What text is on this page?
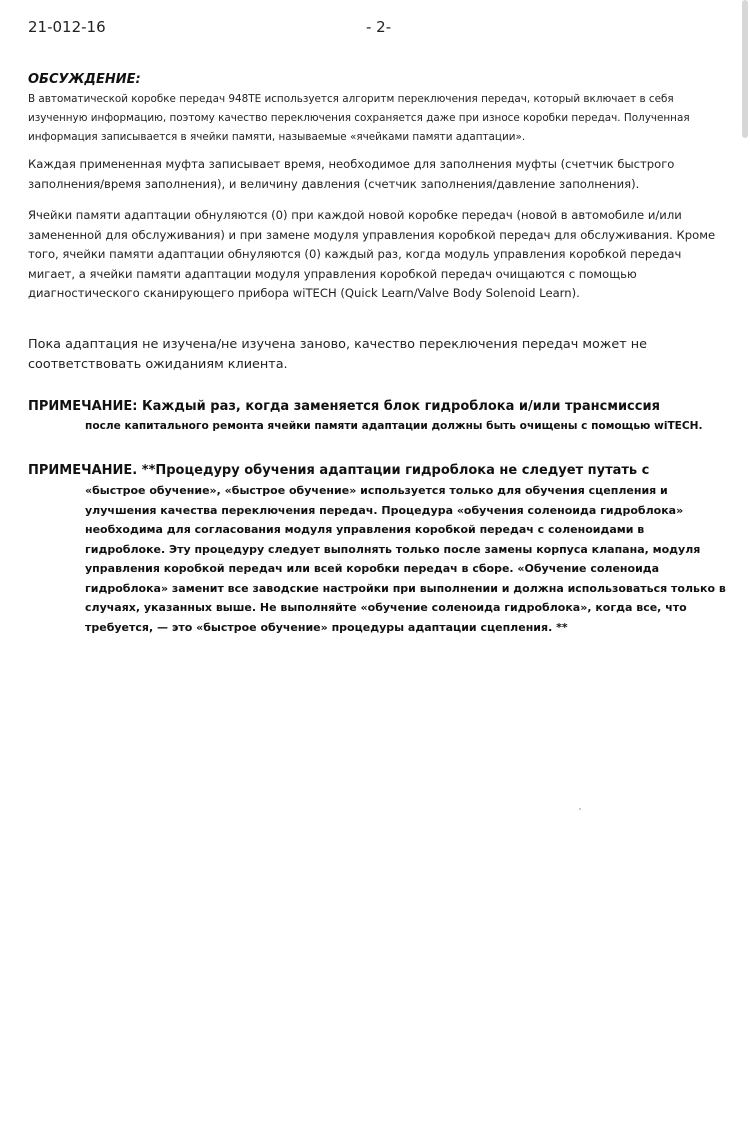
21-012-16	- 2-
ОБСУЖДЕНИЕ:

В автоматической коробке передач 948TE используется алгоритм переключения передач, который включает в себя изученную информацию, поэтому качество переключения сохраняется даже при износе коробки передач. Полученная информация записывается в ячейки памяти, называемые «ячейками памяти адаптации».

Каждая примененная муфта записывает время, необходимое для заполнения муфты (счетчик быстрого заполнения/время заполнения), и величину давления (счетчик заполнения/давление заполнения).

Ячейки памяти адаптации обнуляются (0) при каждой новой коробке передач (новой в автомобиле и/или замененной для обслуживания) и при замене модуля управления коробкой передач для обслуживания. Кроме того, ячейки памяти адаптации обнуляются (0) каждый раз, когда модуль управления коробкой передач мигает, а ячейки памяти адаптации модуля управления коробкой передач очищаются с помощью диагностического сканирующего прибора wiTECH (Quick Learn/Valve Body Solenoid Learn).

Пока адаптация не изучена/не изучена заново, качество переключения передач может не соответствовать ожиданиям клиента.

ПРИМЕЧАНИЕ: Каждый раз, когда заменяется блок гидроблока и/или трансмиссия
после капитального ремонта ячейки памяти адаптации должны быть очищены с помощью wiTECH.
ПРИМЕЧАНИЕ. **Процедуру обучения адаптации гидроблока не следует путать с
«быстрое обучение», «быстрое обучение» используется только для обучения сцепления и улучшения качества переключения передач. Процедура «обучения соленоида гидроблока» необходима для согласования модуля управления коробкой передач с соленоидами в гидроблоке. Эту процедуру следует выполнять только после замены корпуса клапана, модуля управления коробкой передач или всей коробки передач в сборе. «Обучение соленоида гидроблока» заменит все заводские настройки при выполнении и должна использоваться только в случаях, указанных выше. Не выполняйте «обучение соленоида гидроблока», когда все, что требуется, — это «быстрое обучение» процедуры адаптации сцепления. **
